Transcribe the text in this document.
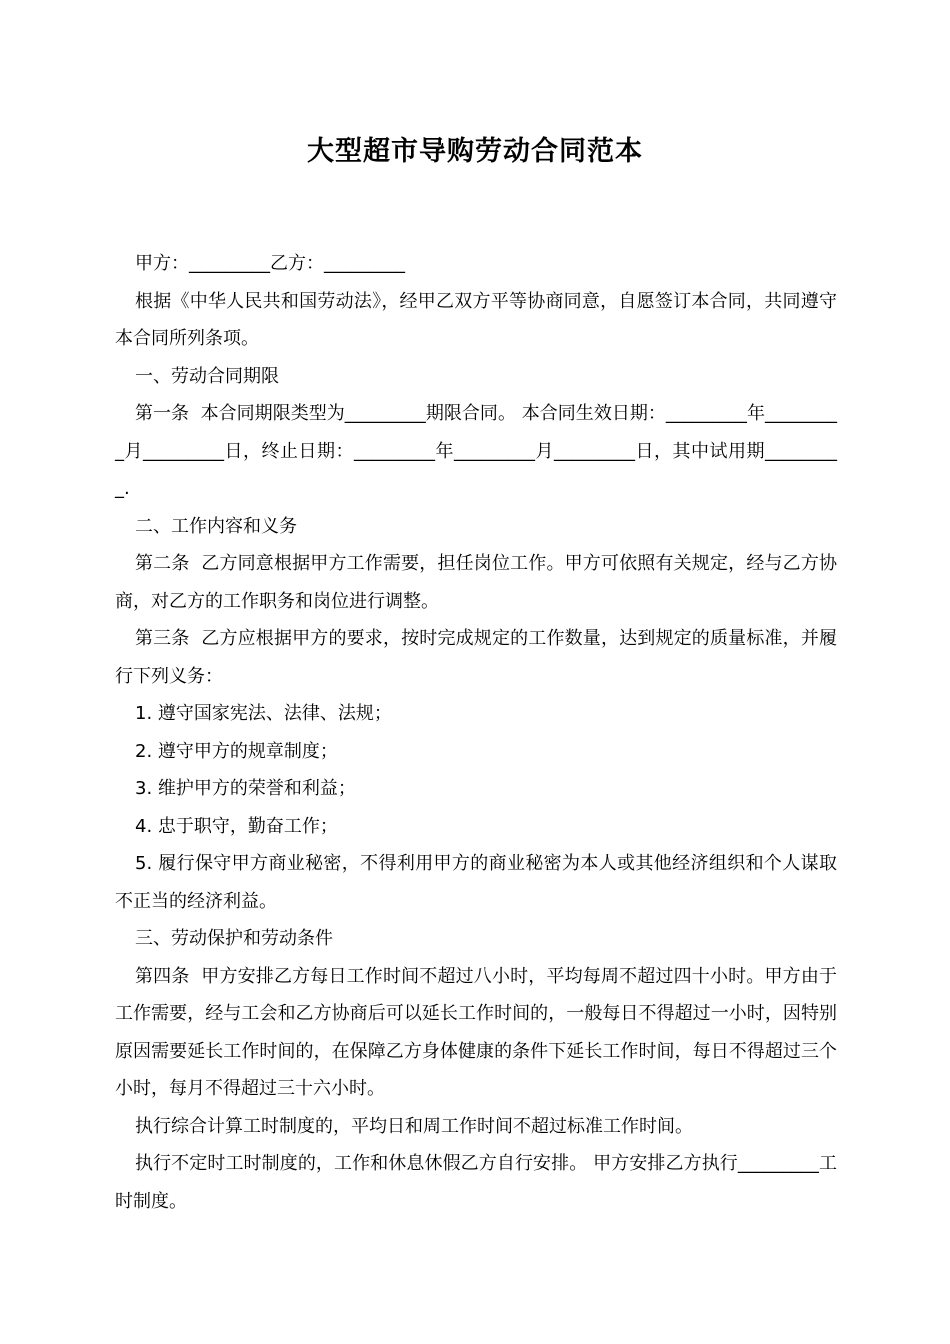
大型超市导购劳动合同范本

甲方：_________乙方：_________

根据《中华人民共和国劳动法》，经甲乙双方平等协商同意，自愿签订本合同，共同遵守本合同所列条项。

一、劳动合同期限

第一条  本合同期限类型为_________期限合同。 本合同生效日期：_________年_________月_________日，终止日期：_________年_________月_________日，其中试用期_________.

二、工作内容和义务

第二条  乙方同意根据甲方工作需要，担任岗位工作。甲方可依照有关规定，经与乙方协商，对乙方的工作职务和岗位进行调整。

第三条  乙方应根据甲方的要求，按时完成规定的工作数量，达到规定的质量标准，并履行下列义务：

1. 遵守国家宪法、法律、法规；

2. 遵守甲方的规章制度；

3. 维护甲方的荣誉和利益；

4. 忠于职守，勤奋工作；

5. 履行保守甲方商业秘密，不得利用甲方的商业秘密为本人或其他经济组织和个人谋取不正当的经济利益。

三、劳动保护和劳动条件

第四条  甲方安排乙方每日工作时间不超过八小时，平均每周不超过四十小时。甲方由于工作需要，经与工会和乙方协商后可以延长工作时间的，一般每日不得超过一小时，因特别原因需要延长工作时间的，在保障乙方身体健康的条件下延长工作时间，每日不得超过三个小时，每月不得超过三十六小时。

执行综合计算工时制度的，平均日和周工作时间不超过标准工作时间。

执行不定时工时制度的，工作和休息休假乙方自行安排。 甲方安排乙方执行_________工时制度。
